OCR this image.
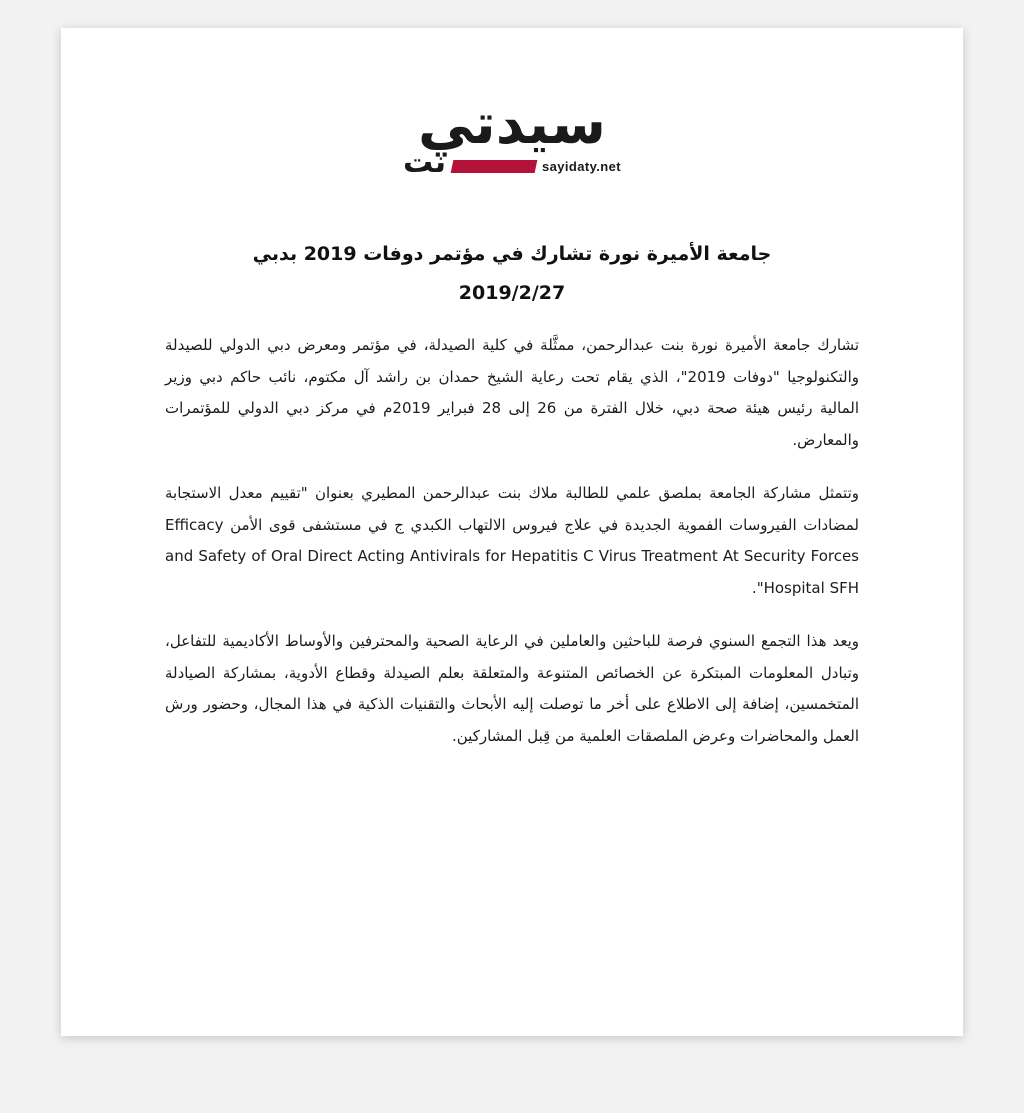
سيدتي
sayidaty.net
نت
جامعة الأميرة نورة تشارك في مؤتمر دوفات 2019 بدبي
2019/2/27

تشارك جامعة الأميرة نورة بنت عبدالرحمن، ممثَّلة في كلية الصيدلة، في مؤتمر ومعرض دبي الدولي للصيدلة والتكنولوجيا "دوفات 2019"، الذي يقام تحت رعاية الشيخ حمدان بن راشد آل مكتوم، نائب حاكم دبي وزير المالية رئيس هيئة صحة دبي، خلال الفترة من 26 إلى 28 فبراير 2019م في مركز دبي الدولي للمؤتمرات والمعارض.

وتتمثل مشاركة الجامعة بملصق علمي للطالبة ملاك بنت عبدالرحمن المطيري بعنوان "تقييم معدل الاستجابة لمضادات الفيروسات الفموية الجديدة في علاج فيروس الالتهاب الكبدي ج في مستشفى قوى الأمن Efficacy and Safety of Oral Direct Acting Antivirals for Hepatitis C Virus Treatment At Security Forces Hospital SFH".

ويعد هذا التجمع السنوي فرصة للباحثين والعاملين في الرعاية الصحية والمحترفين والأوساط الأكاديمية للتفاعل، وتبادل المعلومات المبتكرة عن الخصائص المتنوعة والمتعلقة بعلم الصيدلة وقطاع الأدوية، بمشاركة الصيادلة المتخمسين، إضافة إلى الاطلاع على أخر ما توصلت إليه الأبحاث والتقنيات الذكية في هذا المجال، وحضور ورش العمل والمحاضرات وعرض الملصقات العلمية من قِبل المشاركين.
